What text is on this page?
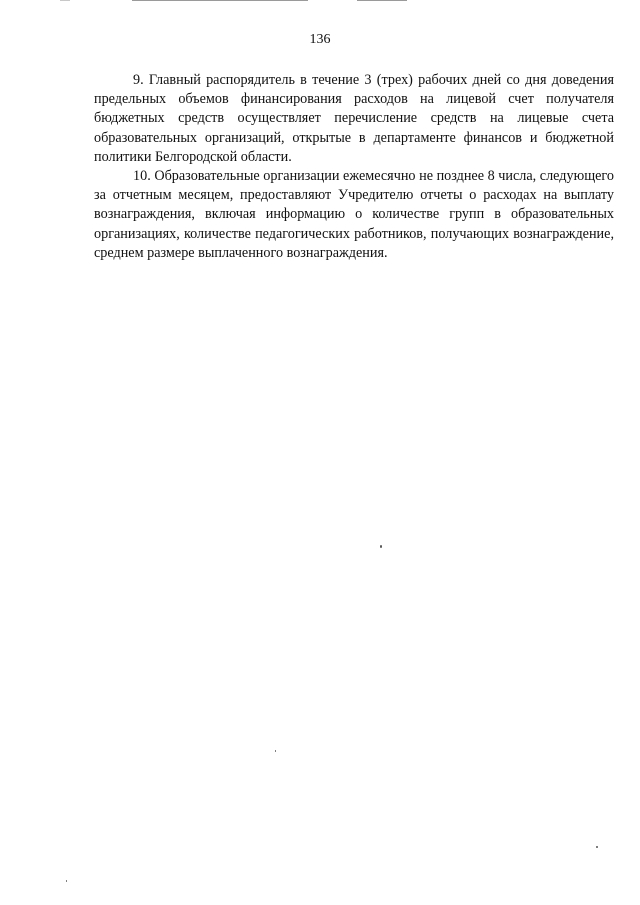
136

9. Главный распорядитель в течение 3 (трех) рабочих дней со дня доведения предельных объемов финансирования расходов на лицевой счет получателя бюджетных средств осуществляет перечисление средств на лицевые счета образовательных организаций, открытые в департаменте финансов и бюджетной политики Белгородской области.

10. Образовательные организации ежемесячно не позднее 8 числа, следующего за отчетным месяцем, предоставляют Учредителю отчеты о расходах на выплату вознаграждения, включая информацию о количестве групп в образовательных организациях, количестве педагогических работников, получающих вознаграждение, среднем размере выплаченного вознаграждения.
